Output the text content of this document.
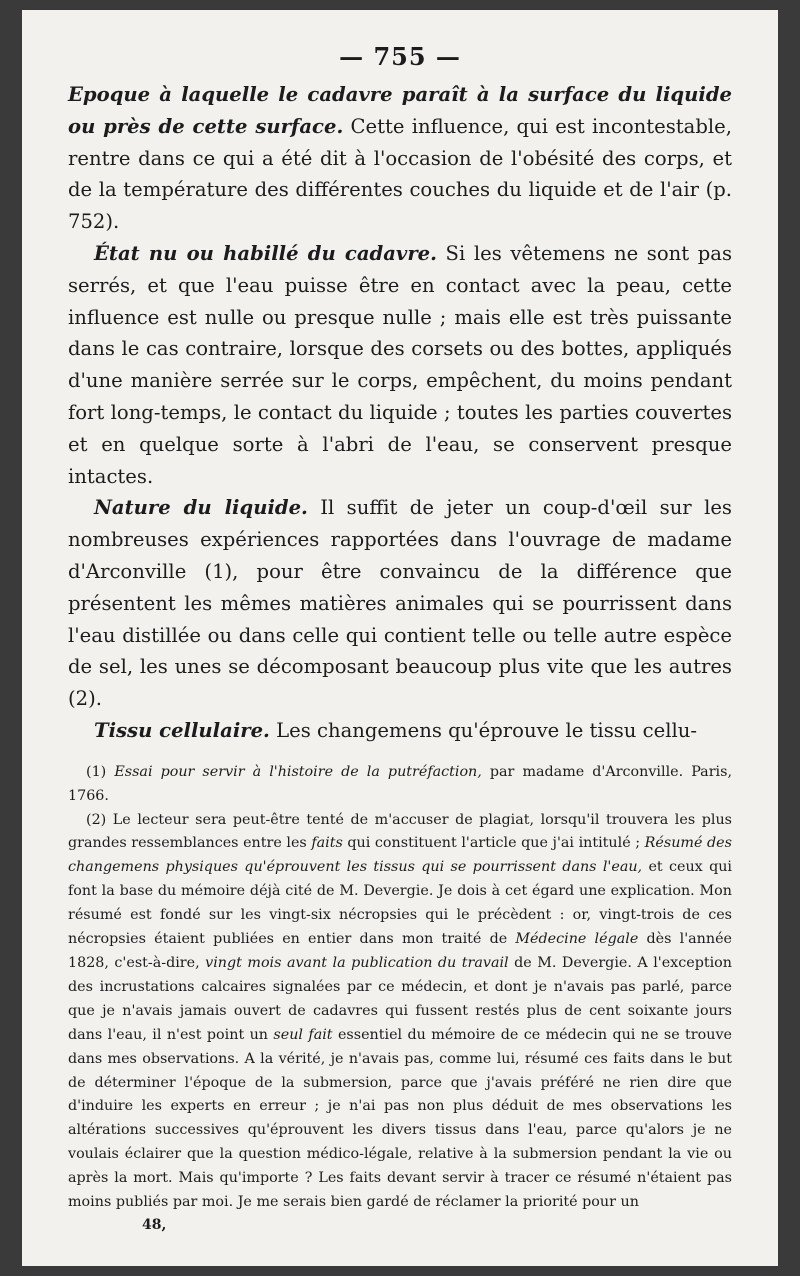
— 755 —

Epoque à laquelle le cadavre paraît à la surface du liquide ou près de cette surface. Cette influence, qui est incontestable, rentre dans ce qui a été dit à l'occasion de l'obésité des corps, et de la température des différentes couches du liquide et de l'air (p. 752).

État nu ou habillé du cadavre. Si les vêtemens ne sont pas serrés, et que l'eau puisse être en contact avec la peau, cette influence est nulle ou presque nulle ; mais elle est très puissante dans le cas contraire, lorsque des corsets ou des bottes, appliqués d'une manière serrée sur le corps, empêchent, du moins pendant fort long-temps, le contact du liquide ; toutes les parties couvertes et en quelque sorte à l'abri de l'eau, se conservent presque intactes.

Nature du liquide. Il suffit de jeter un coup-d'œil sur les nombreuses expériences rapportées dans l'ouvrage de madame d'Arconville (1), pour être convaincu de la différence que présentent les mêmes matières animales qui se pourrissent dans l'eau distillée ou dans celle qui contient telle ou telle autre espèce de sel, les unes se décomposant beaucoup plus vite que les autres (2).

Tissu cellulaire. Les changemens qu'éprouve le tissu cellu-

(1) Essai pour servir à l'histoire de la putréfaction, par madame d'Arconville. Paris, 1766.

(2) Le lecteur sera peut-être tenté de m'accuser de plagiat, lorsqu'il trouvera les plus grandes ressemblances entre les faits qui constituent l'article que j'ai intitulé ; Résumé des changemens physiques qu'éprouvent les tissus qui se pourrissent dans l'eau, et ceux qui font la base du mémoire déjà cité de M. Devergie. Je dois à cet égard une explication. Mon résumé est fondé sur les vingt-six nécropsies qui le précèdent : or, vingt-trois de ces nécropsies étaient publiées en entier dans mon traité de Médecine légale dès l'année 1828, c'est-à-dire, vingt mois avant la publication du travail de M. Devergie. A l'exception des incrustations calcaires signalées par ce médecin, et dont je n'avais pas parlé, parce que je n'avais jamais ouvert de cadavres qui fussent restés plus de cent soixante jours dans l'eau, il n'est point un seul fait essentiel du mémoire de ce médecin qui ne se trouve dans mes observations. A la vérité, je n'avais pas, comme lui, résumé ces faits dans le but de déterminer l'époque de la submersion, parce que j'avais préféré ne rien dire que d'induire les experts en erreur ; je n'ai pas non plus déduit de mes observations les altérations successives qu'éprouvent les divers tissus dans l'eau, parce qu'alors je ne voulais éclairer que la question médico-légale, relative à la submersion pendant la vie ou après la mort. Mais qu'importe ? Les faits devant servir à tracer ce résumé n'étaient pas moins publiés par moi. Je me serais bien gardé de réclamer la priorité pour un

48,
